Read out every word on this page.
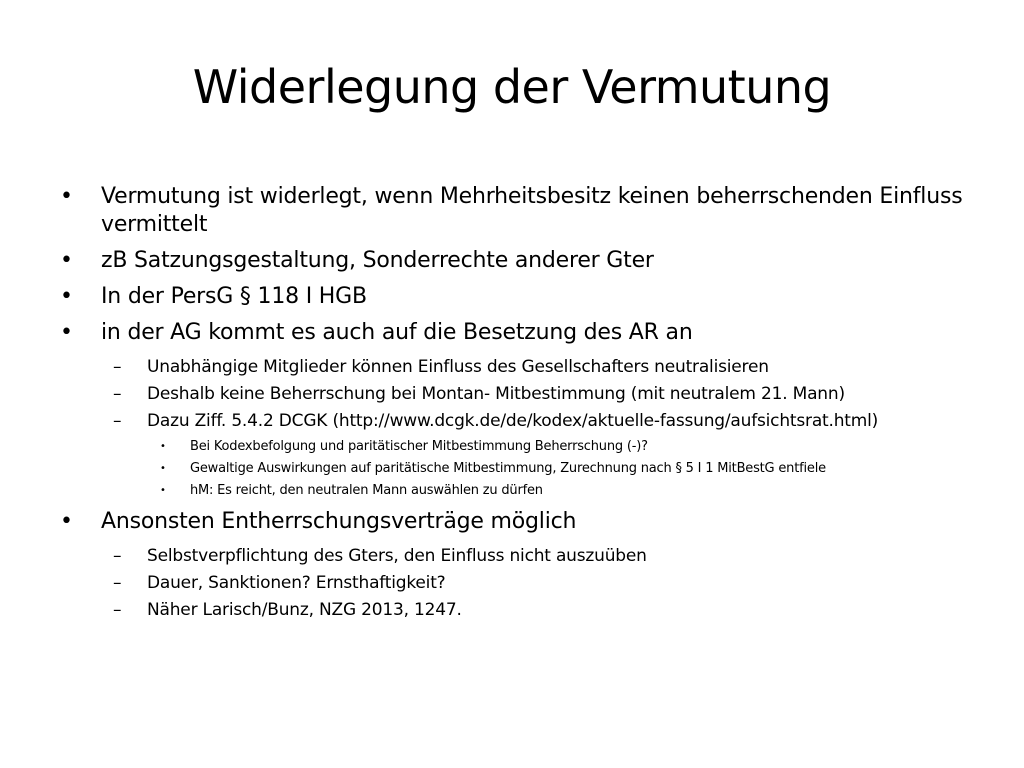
Widerlegung der Vermutung
• Vermutung ist widerlegt, wenn Mehrheitsbesitz keinen beherrschenden Einfluss vermittelt
• zB Satzungsgestaltung, Sonderrechte anderer Gter
• In der PersG § 118 I HGB
• in der AG kommt es auch auf die Besetzung des AR an
– Unabhängige Mitglieder können Einfluss des Gesellschafters neutralisieren
– Deshalb keine Beherrschung bei Montan- Mitbestimmung (mit neutralem 21. Mann)
– Dazu Ziff. 5.4.2 DCGK (http://www.dcgk.de/de/kodex/aktuelle-fassung/aufsichtsrat.html)
• Bei Kodexbefolgung und paritätischer Mitbestimmung Beherrschung (-)?
• Gewaltige Auswirkungen auf paritätische Mitbestimmung, Zurechnung nach § 5 I 1 MitBestG entfiele
• hM: Es reicht, den neutralen Mann auswählen zu dürfen
• Ansonsten Entherrschungsverträge möglich
– Selbstverpflichtung des Gters, den Einfluss nicht auszuüben
– Dauer, Sanktionen? Ernsthaftigkeit?
– Näher Larisch/Bunz, NZG 2013, 1247.
